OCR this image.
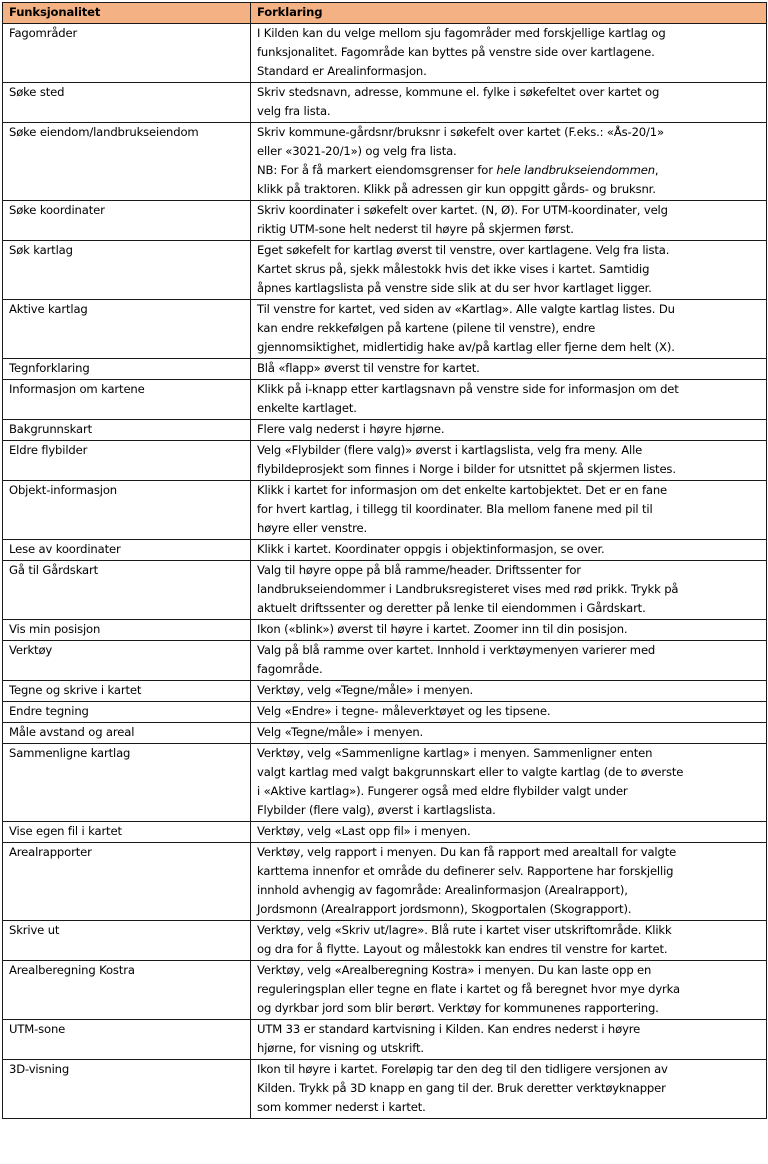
Funksjonalitet	Forklaring
Fagområder	I Kilden kan du velge mellom sju fagområder med forskjellige kartlag og
funksjonalitet. Fagområde kan byttes på venstre side over kartlagene.
Standard er Arealinformasjon.

Søke sted	Skriv stedsnavn, adresse, kommune el. fylke i søkefeltet over kartet og
velg fra lista.

Søke eiendom/landbrukseiendom	Skriv kommune-gårdsnr/bruksnr i søkefelt over kartet (F.eks.: «Ås-20/1»
eller «3021-20/1») og velg fra lista.
NB: For å få markert eiendomsgrenser for hele landbrukseiendommen,
klikk på traktoren. Klikk på adressen gir kun oppgitt gårds- og bruksnr.

Søke koordinater	Skriv koordinater i søkefelt over kartet. (N, Ø). For UTM-koordinater, velg
riktig UTM-sone helt nederst til høyre på skjermen først.

Søk kartlag	Eget søkefelt for kartlag øverst til venstre, over kartlagene. Velg fra lista.
Kartet skrus på, sjekk målestokk hvis det ikke vises i kartet. Samtidig
åpnes kartlagslista på venstre side slik at du ser hvor kartlaget ligger.

Aktive kartlag	Til venstre for kartet, ved siden av «Kartlag». Alle valgte kartlag listes. Du
kan endre rekkefølgen på kartene (pilene til venstre), endre
gjennomsiktighet, midlertidig hake av/på kartlag eller fjerne dem helt (X).

Tegnforklaring	Blå «flapp» øverst til venstre for kartet.

Informasjon om kartene	Klikk på i-knapp etter kartlagsnavn på venstre side for informasjon om det
enkelte kartlaget.

Bakgrunnskart	Flere valg nederst i høyre hjørne.

Eldre flybilder	Velg «Flybilder (flere valg)» øverst i kartlagslista, velg fra meny. Alle
flybildeprosjekt som finnes i Norge i bilder for utsnittet på skjermen listes.

Objekt-informasjon	Klikk i kartet for informasjon om det enkelte kartobjektet. Det er en fane
for hvert kartlag, i tillegg til koordinater. Bla mellom fanene med pil til
høyre eller venstre.

Lese av koordinater	Klikk i kartet. Koordinater oppgis i objektinformasjon, se over.

Gå til Gårdskart	Valg til høyre oppe på blå ramme/header. Driftssenter for
landbrukseiendommer i Landbruksregisteret vises med rød prikk. Trykk på
aktuelt driftssenter og deretter på lenke til eiendommen i Gårdskart.

Vis min posisjon	Ikon («blink») øverst til høyre i kartet. Zoomer inn til din posisjon.

Verktøy	Valg på blå ramme over kartet. Innhold i verktøymenyen varierer med
fagområde.

Tegne og skrive i kartet	Verktøy, velg «Tegne/måle» i menyen.

Endre tegning	Velg «Endre» i tegne- måleverktøyet og les tipsene.

Måle avstand og areal	Velg «Tegne/måle» i menyen.

Sammenligne kartlag	Verktøy, velg «Sammenligne kartlag» i menyen. Sammenligner enten
valgt kartlag med valgt bakgrunnskart eller to valgte kartlag (de to øverste
i «Aktive kartlag»). Fungerer også med eldre flybilder valgt under
Flybilder (flere valg), øverst i kartlagslista.

Vise egen fil i kartet	Verktøy, velg «Last opp fil» i menyen.

Arealrapporter	Verktøy, velg rapport i menyen. Du kan få rapport med arealtall for valgte
karttema innenfor et område du definerer selv. Rapportene har forskjellig
innhold avhengig av fagområde: Arealinformasjon (Arealrapport),
Jordsmonn (Arealrapport jordsmonn), Skogportalen (Skograpport).

Skrive ut	Verktøy, velg «Skriv ut/lagre». Blå rute i kartet viser utskriftområde. Klikk
og dra for å flytte. Layout og målestokk kan endres til venstre for kartet.

Arealberegning Kostra	Verktøy, velg «Arealberegning Kostra» i menyen. Du kan laste opp en
reguleringsplan eller tegne en flate i kartet og få beregnet hvor mye dyrka
og dyrkbar jord som blir berørt. Verktøy for kommunenes rapportering.

UTM-sone	UTM 33 er standard kartvisning i Kilden. Kan endres nederst i høyre
hjørne, for visning og utskrift.

3D-visning	Ikon til høyre i kartet. Foreløpig tar den deg til den tidligere versjonen av
Kilden. Trykk på 3D knapp en gang til der. Bruk deretter verktøyknapper
som kommer nederst i kartet.
